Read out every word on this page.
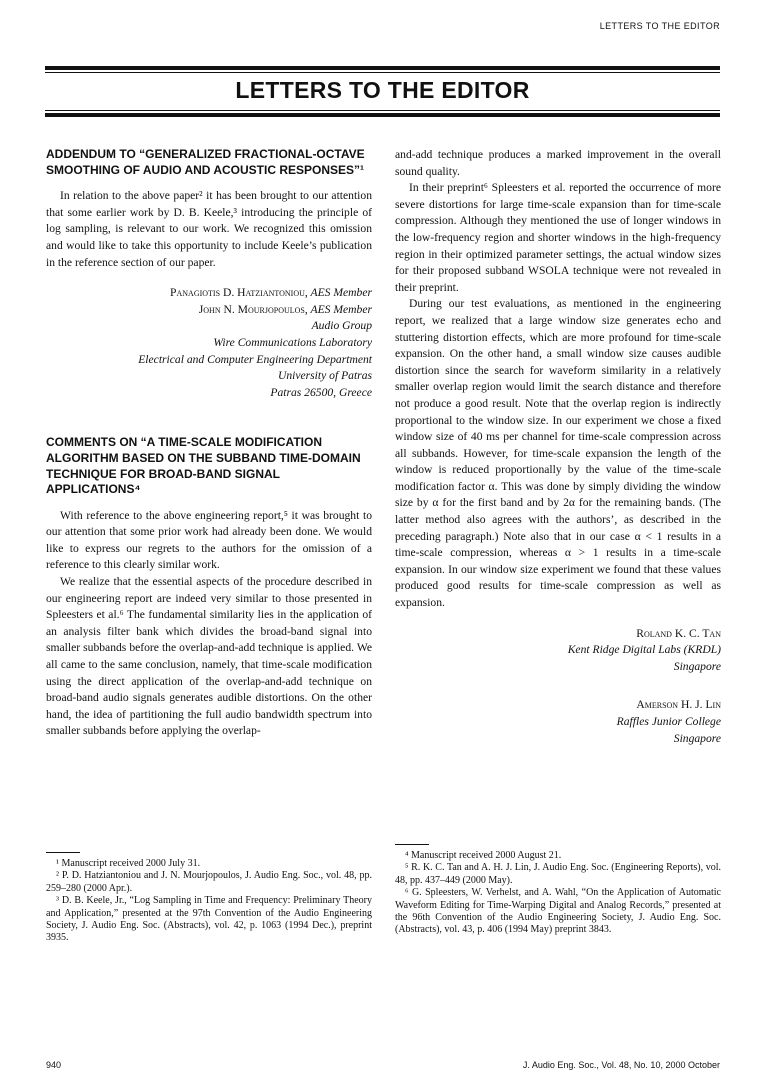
LETTERS TO THE EDITOR
LETTERS TO THE EDITOR
ADDENDUM TO “GENERALIZED FRACTIONAL-OCTAVE SMOOTHING OF AUDIO AND ACOUSTIC RESPONSES”¹

In relation to the above paper² it has been brought to our attention that some earlier work by D. B. Keele,³ introducing the principle of log sampling, is relevant to our work. We recognized this omission and would like to take this opportunity to include Keele’s publication in the reference section of our paper.

Panagiotis D. Hatziantoniou, AES Member

John N. Mourjopoulos, AES Member

Audio Group

Wire Communications Laboratory

Electrical and Computer Engineering Department

University of Patras

Patras 26500, Greece

COMMENTS ON “A TIME-SCALE MODIFICATION ALGORITHM BASED ON THE SUBBAND TIME-DOMAIN TECHNIQUE FOR BROAD-BAND SIGNAL APPLICATIONS⁴

With reference to the above engineering report,⁵ it was brought to our attention that some prior work had already been done. We would like to express our regrets to the authors for the omission of a reference to this clearly similar work.

We realize that the essential aspects of the procedure described in our engineering report are indeed very similar to those presented in Spleesters et al.⁶ The fundamental similarity lies in the application of an analysis filter bank which divides the broad-band signal into smaller subbands before the overlap-and-add technique is applied. We all came to the same conclusion, namely, that time-scale modification using the direct application of the overlap-and-add technique on broad-band audio signals generates audible distortions. On the other hand, the idea of partitioning the full audio bandwidth spectrum into smaller subbands before applying the overlap-

and-add technique produces a marked improvement in the overall sound quality.

In their preprint⁶ Spleesters et al. reported the occurrence of more severe distortions for large time-scale expansion than for time-scale compression. Although they mentioned the use of longer windows in the low-frequency region and shorter windows in the high-frequency region in their optimized parameter settings, the actual window sizes for their proposed subband WSOLA technique were not revealed in their preprint.

During our test evaluations, as mentioned in the engineering report, we realized that a large window size generates echo and stuttering distortion effects, which are more profound for time-scale expansion. On the other hand, a small window size causes audible distortion since the search for waveform similarity in a relatively smaller overlap region would limit the search distance and therefore not produce a good result. Note that the overlap region is indirectly proportional to the window size. In our experiment we chose a fixed window size of 40 ms per channel for time-scale compression across all subbands. However, for time-scale expansion the length of the window is reduced proportionally by the value of the time-scale modification factor α. This was done by simply dividing the window size by α for the first band and by 2α for the remaining bands. (The latter method also agrees with the authors’, as described in the preceding paragraph.) Note also that in our case α < 1 results in a time-scale compression, whereas α > 1 results in a time-scale expansion. In our window size experiment we found that these values produced good results for time-scale compression as well as expansion.

Roland K. C. Tan

Kent Ridge Digital Labs (KRDL)

Singapore

Amerson H. J. Lin

Raffles Junior College

Singapore

¹ Manuscript received 2000 July 31.

² P. D. Hatziantoniou and J. N. Mourjopoulos, J. Audio Eng. Soc., vol. 48, pp. 259–280 (2000 Apr.).

³ D. B. Keele, Jr., “Log Sampling in Time and Frequency: Preliminary Theory and Application,” presented at the 97th Convention of the Audio Engineering Society, J. Audio Eng. Soc. (Abstracts), vol. 42, p. 1063 (1994 Dec.), preprint 3935.

⁴ Manuscript received 2000 August 21.

⁵ R. K. C. Tan and A. H. J. Lin, J. Audio Eng. Soc. (Engineering Reports), vol. 48, pp. 437–449 (2000 May).

⁶ G. Spleesters, W. Verhelst, and A. Wahl, “On the Application of Automatic Waveform Editing for Time-Warping Digital and Analog Records,” presented at the 96th Convention of the Audio Engineering Society, J. Audio Eng. Soc. (Abstracts), vol. 43, p. 406 (1994 May) preprint 3843.

940	J. Audio Eng. Soc., Vol. 48, No. 10, 2000 October
